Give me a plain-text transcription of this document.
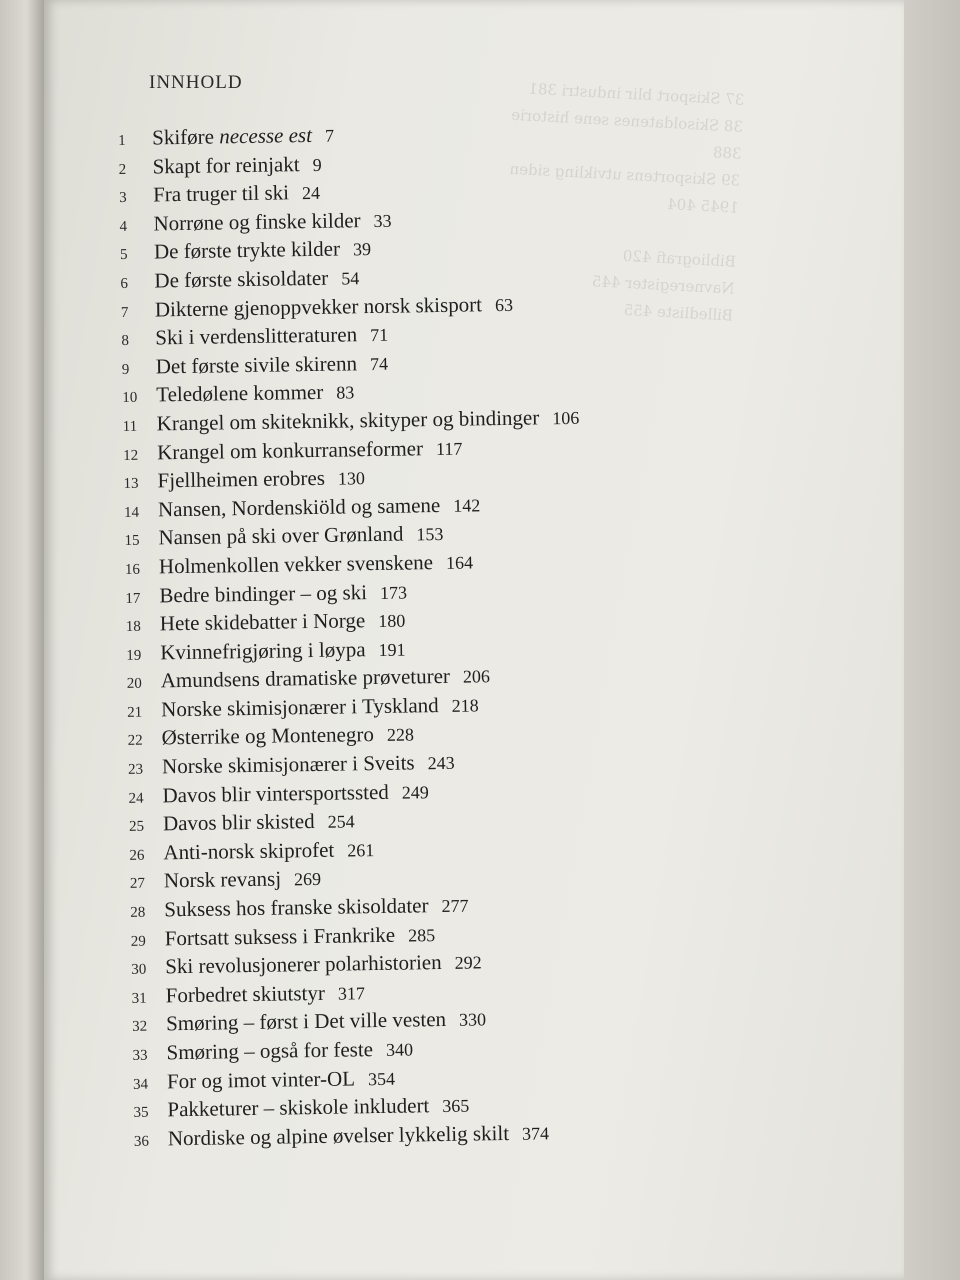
37 Skisport blir industri 381
38 Skisoldatenes sene historie 388
39 Skisportens utvikling siden 1945 404
Bibliografi 420
Navneregister 445
Billedliste 455
INNHOLD
1	Skiføre necesse est 7
2	Skapt for reinjakt 9
3	Fra truger til ski 24
4	Norrøne og finske kilder 33
5	De første trykte kilder 39
6	De første skisoldater 54
7	Dikterne gjenoppvekker norsk skisport 63
8	Ski i verdenslitteraturen 71
9	Det første sivile skirenn 74
10 Teledølene kommer 83
11 Krangel om skiteknikk, skityper og bindinger 106
12 Krangel om konkurranseformer 117
13 Fjellheimen erobres 130
14 Nansen, Nordenskiöld og samene 142
15 Nansen på ski over Grønland 153
16 Holmenkollen vekker svenskene 164
17 Bedre bindinger – og ski 173
18 Hete skidebatter i Norge 180
19 Kvinnefrigjøring i løypa 191
20 Amundsens dramatiske prøveturer 206
21 Norske skimisjonærer i Tyskland 218
22 Østerrike og Montenegro 228
23 Norske skimisjonærer i Sveits 243
24 Davos blir vintersportssted 249
25 Davos blir skisted 254
26 Anti-norsk skiprofet 261
27 Norsk revansj 269
28 Suksess hos franske skisoldater 277
29 Fortsatt suksess i Frankrike 285
30 Ski revolusjonerer polarhistorien 292
31 Forbedret skiutstyr 317
32 Smøring – først i Det ville vesten 330
33 Smøring – også for feste 340
34 For og imot vinter-OL 354
35 Pakketurer – skiskole inkludert 365
36 Nordiske og alpine øvelser lykkelig skilt 374
